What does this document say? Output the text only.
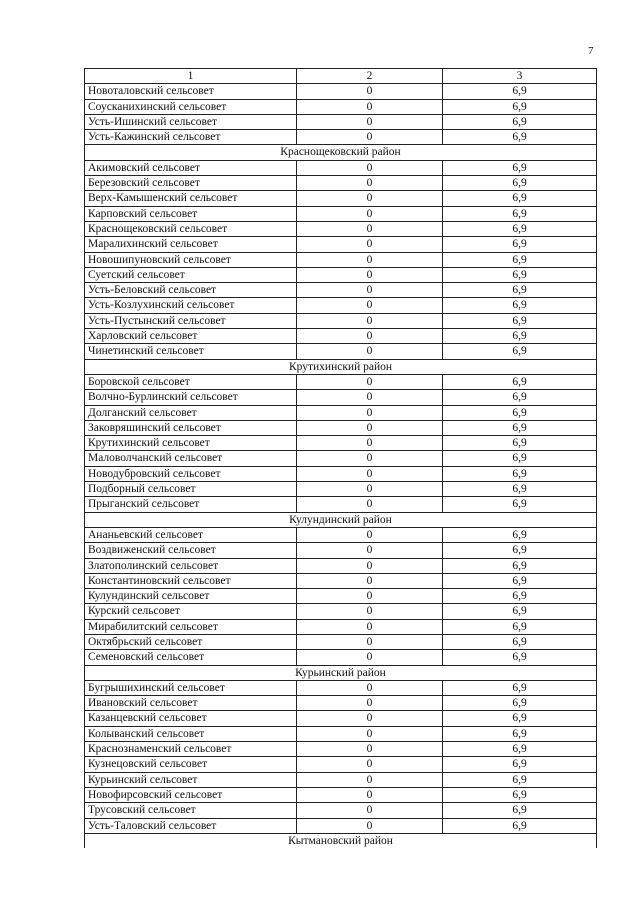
7
1	2	3
Новоталовский сельсовет	0	6,9
Соусканихинский сельсовет	0	6,9
Усть-Ишинский сельсовет	0	6,9
Усть-Кажинский сельсовет	0	6,9
Краснощековский район		
Акимовский сельсовет	0	6,9
Березовский сельсовет	0	6,9
Верх-Камышенский сельсовет	0	6,9
Карповский сельсовет	0	6,9
Краснощековский сельсовет	0	6,9
Маралихинский сельсовет	0	6,9
Новошипуновский сельсовет	0	6,9
Суетский сельсовет	0	6,9
Усть-Беловский сельсовет	0	6,9
Усть-Козлухинский сельсовет	0	6,9
Усть-Пустынский сельсовет	0	6,9
Харловский сельсовет	0	6,9
Чинетинский сельсовет	0	6,9
Крутихинский район		
Боровской сельсовет	0	6,9
Волчно-Бурлинский сельсовет	0	6,9
Долганский сельсовет	0	6,9
Заковряшинский сельсовет	0	6,9
Крутихинский сельсовет	0	6,9
Маловолчанский сельсовет	0	6,9
Новодубровский сельсовет	0	6,9
Подборный сельсовет	0	6,9
Прыганский сельсовет	0	6,9
Кулундинский район		
Ананьевский сельсовет	0	6,9
Воздвиженский сельсовет	0	6,9
Златополинский сельсовет	0	6,9
Константиновский сельсовет	0	6,9
Кулундинский сельсовет	0	6,9
Курский сельсовет	0	6,9
Мирабилитский сельсовет	0	6,9
Октябрьский сельсовет	0	6,9
Семеновский сельсовет	0	6,9
Курьинский район		
Бугрышихинский сельсовет	0	6,9
Ивановский сельсовет	0	6,9
Казанцевский сельсовет	0	6,9
Колыванский сельсовет	0	6,9
Краснознаменский сельсовет	0	6,9
Кузнецовский сельсовет	0	6,9
Курьинский сельсовет	0	6,9
Новофирсовский сельсовет	0	6,9
Трусовский сельсовет	0	6,9
Усть-Таловский сельсовет	0	6,9
Кытмановский район		
